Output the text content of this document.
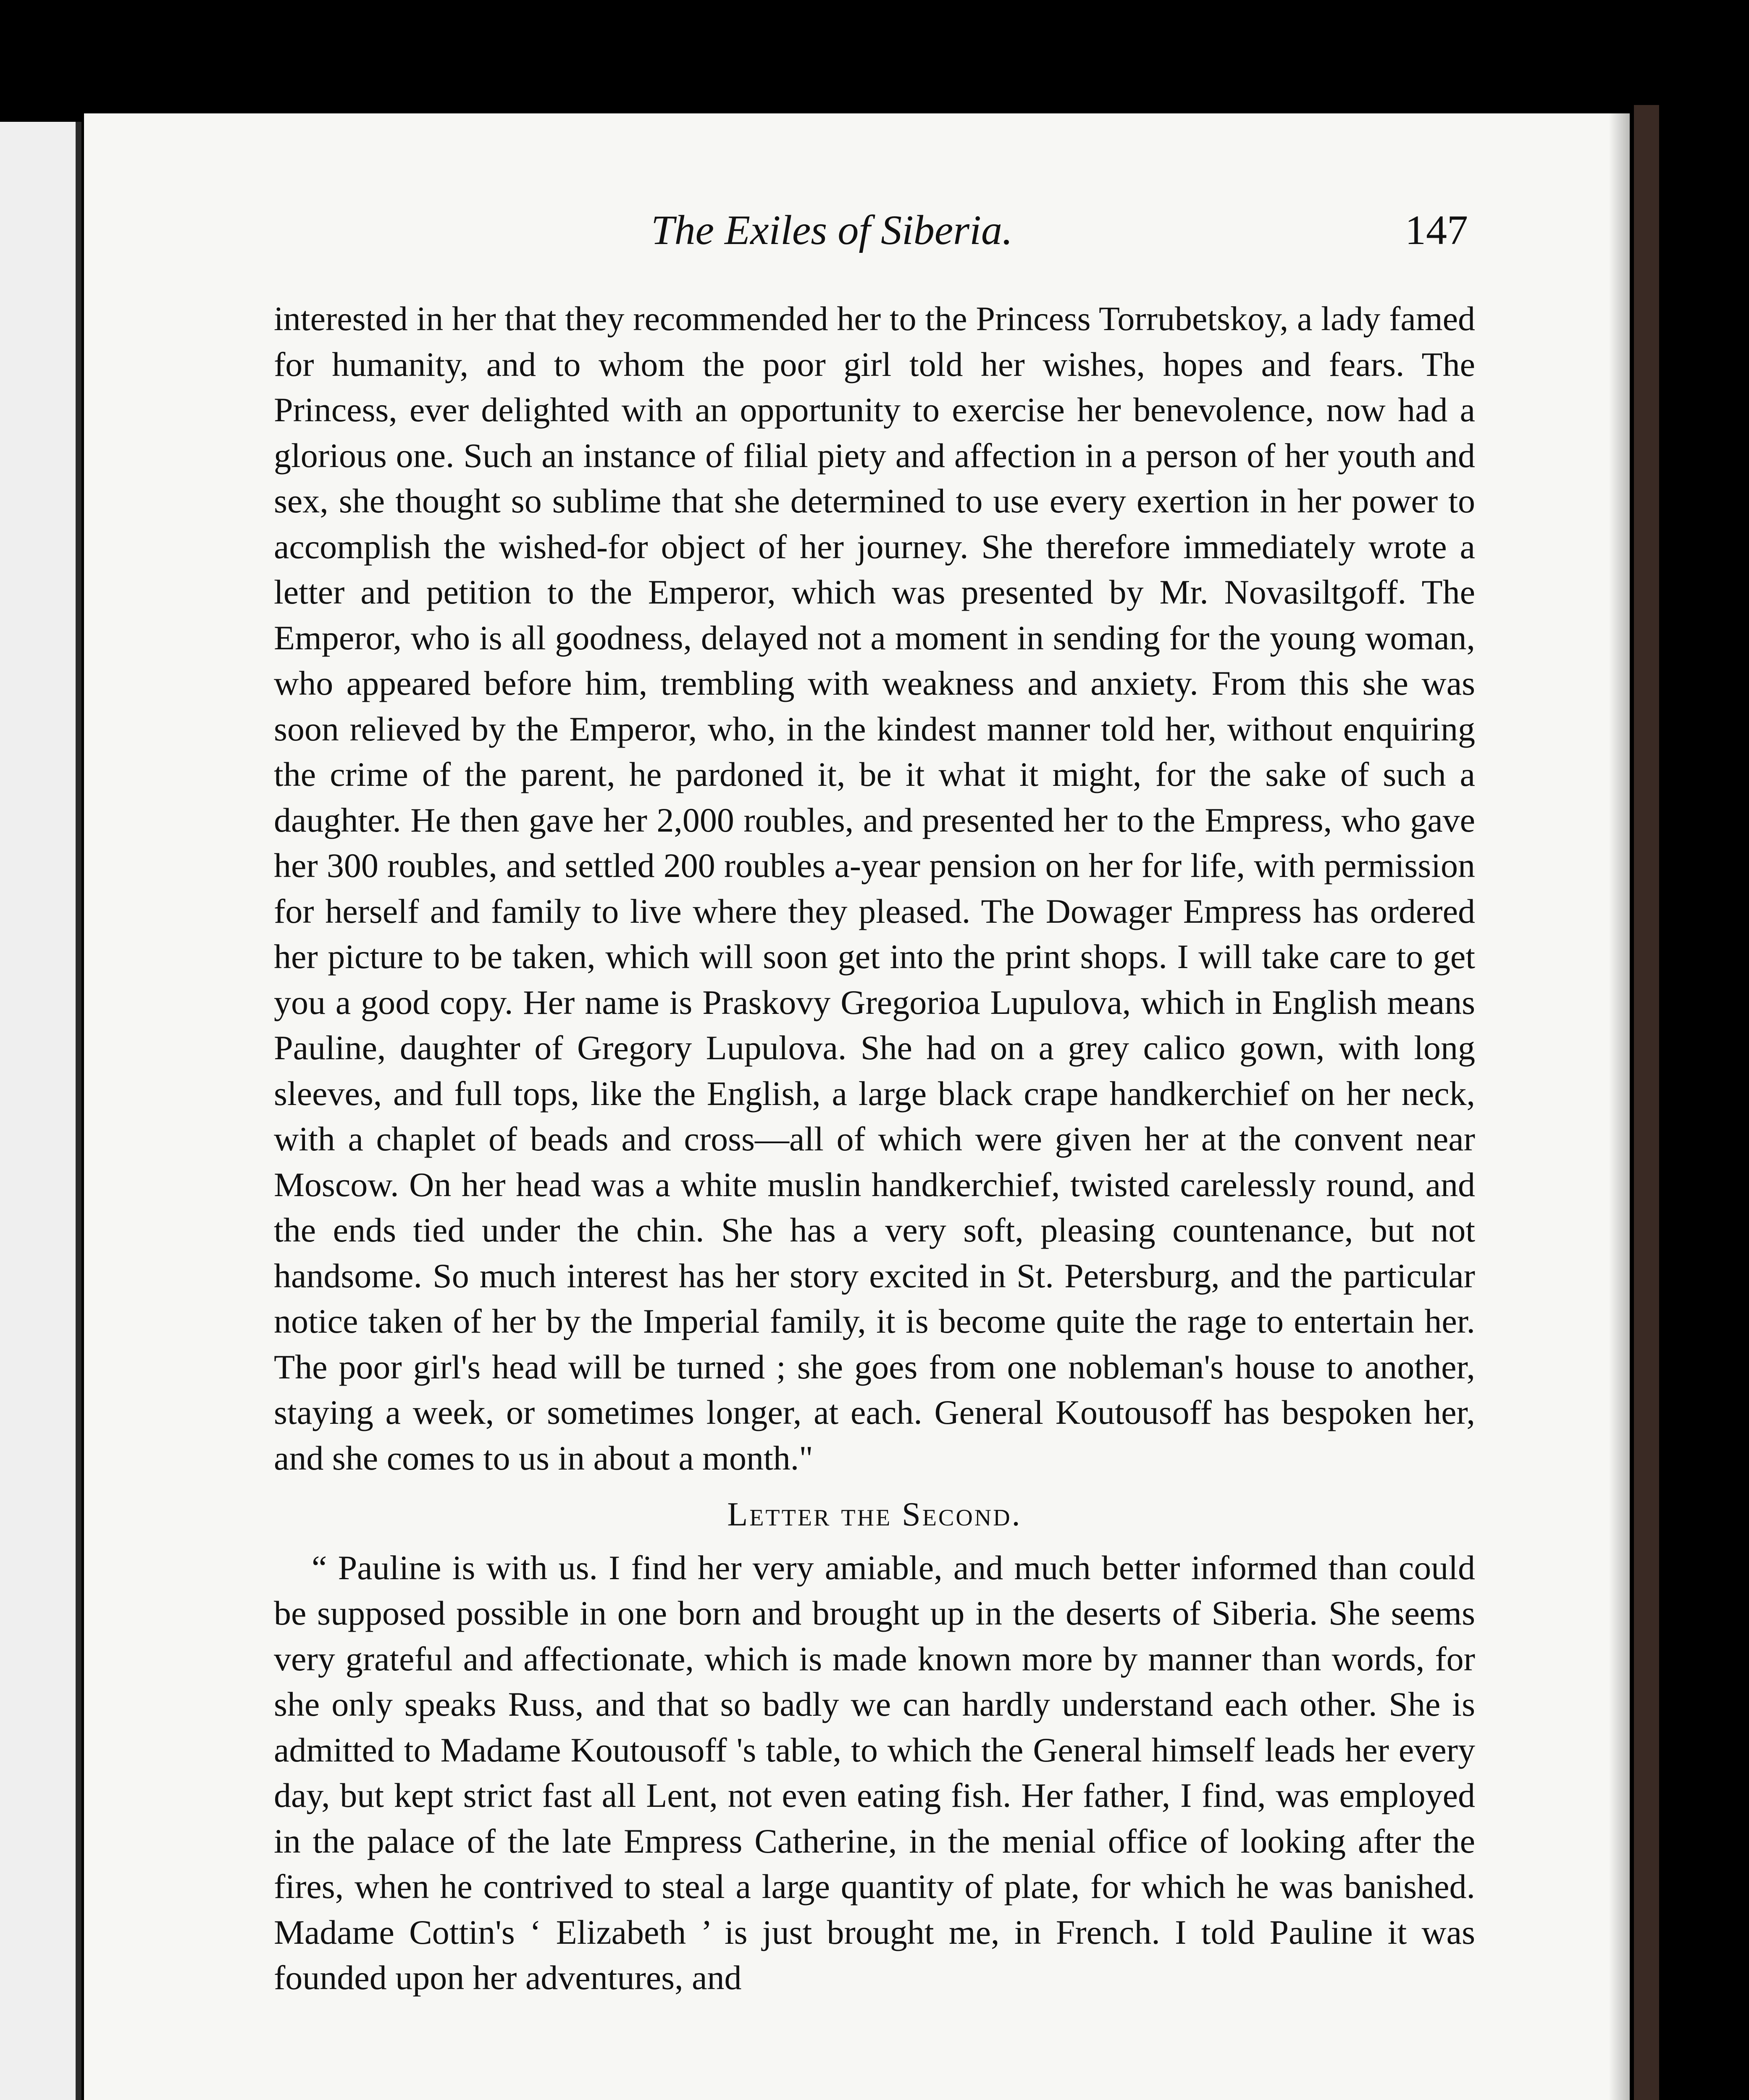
The Exiles of Siberia.	147

interested in her that they recommended her to the Princess Torrubetskoy, a lady famed for humanity, and to whom the poor girl told her wishes, hopes and fears. The Princess, ever delighted with an opportunity to exercise her benevolence, now had a glorious one. Such an instance of filial piety and affection in a person of her youth and sex, she thought so sublime that she determined to use every exertion in her power to accomplish the wished-for object of her journey. She therefore immediately wrote a letter and petition to the Emperor, which was presented by Mr. Novasiltgoff. The Emperor, who is all goodness, delayed not a moment in sending for the young woman, who appeared before him, trembling with weakness and anxiety. From this she was soon relieved by the Emperor, who, in the kindest manner told her, without enquiring the crime of the parent, he pardoned it, be it what it might, for the sake of such a daughter. He then gave her 2,000 roubles, and presented her to the Empress, who gave her 300 roubles, and settled 200 roubles a-year pension on her for life, with permission for herself and family to live where they pleased. The Dowager Empress has ordered her picture to be taken, which will soon get into the print shops. I will take care to get you a good copy. Her name is Praskovy Gregorioa Lupulova, which in English means Pauline, daughter of Gregory Lupulova. She had on a grey calico gown, with long sleeves, and full tops, like the English, a large black crape handkerchief on her neck, with a chaplet of beads and cross—all of which were given her at the convent near Moscow. On her head was a white muslin handkerchief, twisted carelessly round, and the ends tied under the chin. She has a very soft, pleasing countenance, but not handsome. So much interest has her story excited in St. Petersburg, and the particular notice taken of her by the Imperial family, it is become quite the rage to entertain her. The poor girl's head will be turned ; she goes from one nobleman's house to another, staying a week, or sometimes longer, at each. General Koutousoff has bespoken her, and she comes to us in about a month."

Letter the Second.

“ Pauline is with us. I find her very amiable, and much better informed than could be supposed possible in one born and brought up in the deserts of Siberia. She seems very grateful and affectionate, which is made known more by manner than words, for she only speaks Russ, and that so badly we can hardly understand each other. She is admitted to Madame Koutousoff 's table, to which the General himself leads her every day, but kept strict fast all Lent, not even eating fish. Her father, I find, was employed in the palace of the late Empress Catherine, in the menial office of looking after the fires, when he contrived to steal a large quantity of plate, for which he was banished. Madame Cottin's ‘ Elizabeth ’ is just brought me, in French. I told Pauline it was founded upon her adventures, and
